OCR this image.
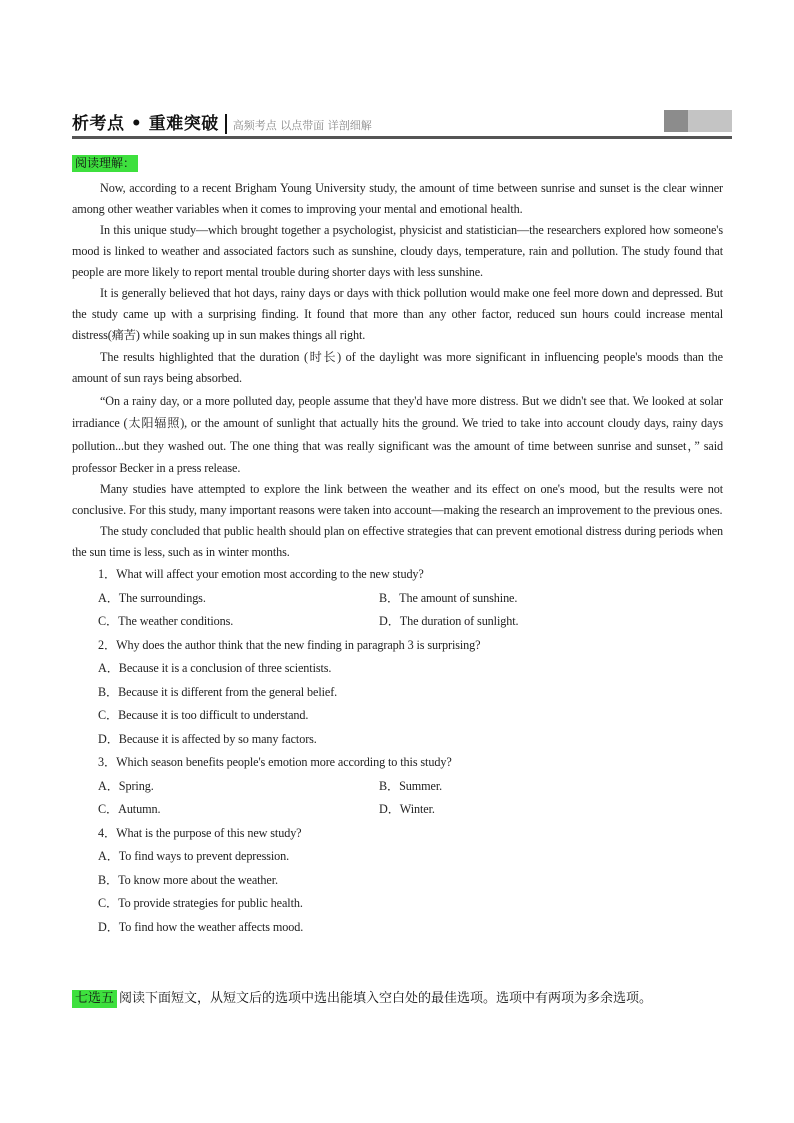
析考点 • 重难突破 高频考点 以点带面 详剖细解
阅读理解：

Now, according to a recent Brigham Young University study, the amount of time between sunrise and sunset is the clear winner among other weather variables when it comes to improving your mental and emotional health.

In this unique study—which brought together a psychologist, physicist and statistician—the researchers explored how someone's mood is linked to weather and associated factors such as sunshine, cloudy days, temperature, rain and pollution. The study found that people are more likely to report mental trouble during shorter days with less sunshine.

It is generally believed that hot days, rainy days or days with thick pollution would make one feel more down and depressed. But the study came up with a surprising finding. It found that more than any other factor, reduced sun hours could increase mental distress(痛苦) while soaking up in sun makes things all right.

The results highlighted that the duration (时长) of the daylight was more significant in influencing people's moods than the amount of sun rays being absorbed.

“On a rainy day, or a more polluted day, people assume that they'd have more distress. But we didn't see that. We looked at solar irradiance (太阳辐照), or the amount of sunlight that actually hits the ground. We tried to take into account cloudy days, rainy days pollution...but they washed out. The one thing that was really significant was the amount of time between sunrise and sunset，” said professor Becker in a press release.

Many studies have attempted to explore the link between the weather and its effect on one's mood, but the results were not conclusive. For this study, many important reasons were taken into account—making the research an improvement to the previous ones.

The study concluded that public health should plan on effective strategies that can prevent emotional distress during periods when the sun time is less, such as in winter months.

1．What will affect your emotion most according to the new study?

A．The surroundings.	B．The amount of sunshine.
C．The weather conditions.	D．The duration of sunlight.

2．Why does the author think that the new finding in paragraph 3 is surprising?

A．Because it is a conclusion of three scientists.

B．Because it is different from the general belief.

C．Because it is too difficult to understand.

D．Because it is affected by so many factors.

3．Which season benefits people's emotion more according to this study?

A．Spring.	B．Summer.
C．Autumn.	D．Winter.

4．What is the purpose of this new study?

A．To find ways to prevent depression.

B．To know more about the weather.

C．To provide strategies for public health.

D．To find how the weather affects mood.

七选五 阅读下面短文，从短文后的选项中选出能填入空白处的最佳选项。选项中有两项为多余选项。
